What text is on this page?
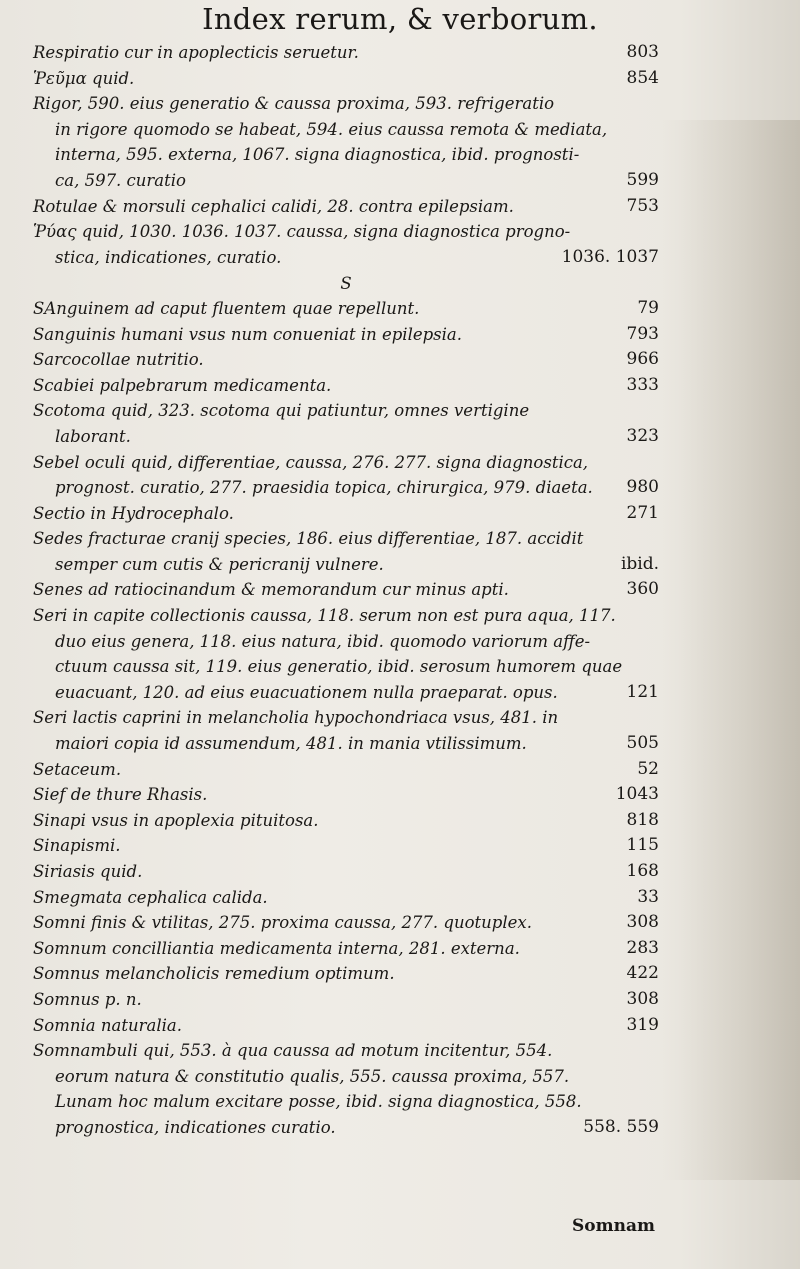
Index rerum, & verborum.
Respiratio cur in apoplecticis seruetur.	803
Ῥεῦμα quid.	854
Rigor, 590. eius generatio & caussa proxima, 593. refrigeratio
in rigore quomodo se habeat, 594. eius caussa remota & mediata,
interna, 595. externa, 1067. signa diagnostica, ibid. prognosti-
ca, 597. curatio	599
Rotulae & morsuli cephalici calidi, 28. contra epilepsiam.	753
Ῥύας quid, 1030. 1036. 1037. caussa, signa diagnostica progno-
stica, indicationes, curatio.	1036. 1037
S
SAnguinem ad caput fluentem quae repellunt.	79
Sanguinis humani vsus num conueniat in epilepsia.	793
Sarcocollae nutritio.	966
Scabiei palpebrarum medicamenta.	333
Scotoma quid, 323. scotoma qui patiuntur, omnes vertigine
laborant.	323
Sebel oculi quid, differentiae, caussa, 276. 277. signa diagnostica,
prognost. curatio, 277. praesidia topica, chirurgica, 979. diaeta. 980
Sectio in Hydrocephalo.	271
Sedes fracturae cranij species, 186. eius differentiae, 187. accidit
semper cum cutis & pericranij vulnere.	ibid.
Senes ad ratiocinandum & memorandum cur minus apti.	360
Seri in capite collectionis caussa, 118. serum non est pura aqua, 117.
duo eius genera, 118. eius natura, ibid. quomodo variorum affe-
ctuum caussa sit, 119. eius generatio, ibid. serosum humorem quae
euacuant, 120. ad eius euacuationem nulla praeparat. opus.	121
Seri lactis caprini in melancholia hypochondriaca vsus, 481. in
maiori copia id assumendum, 481. in mania vtilissimum.	505
Setaceum.	52
Sief de thure Rhasis.	1043
Sinapi vsus in apoplexia pituitosa.	818
Sinapismi.	115
Siriasis quid.	168
Smegmata cephalica calida.	33
Somni finis & vtilitas, 275. proxima caussa, 277. quotuplex.	308
Somnum concilliantia medicamenta interna, 281. externa.	283
Somnus melancholicis remedium optimum.	422
Somnus p. n.	308
Somnia naturalia.	319
Somnambuli qui, 553. à qua caussa ad motum incitentur, 554.
eorum natura & constitutio qualis, 555. caussa proxima, 557.
Lunam hoc malum excitare posse, ibid. signa diagnostica, 558.
prognostica, indicationes curatio.	558. 559
Somnam
